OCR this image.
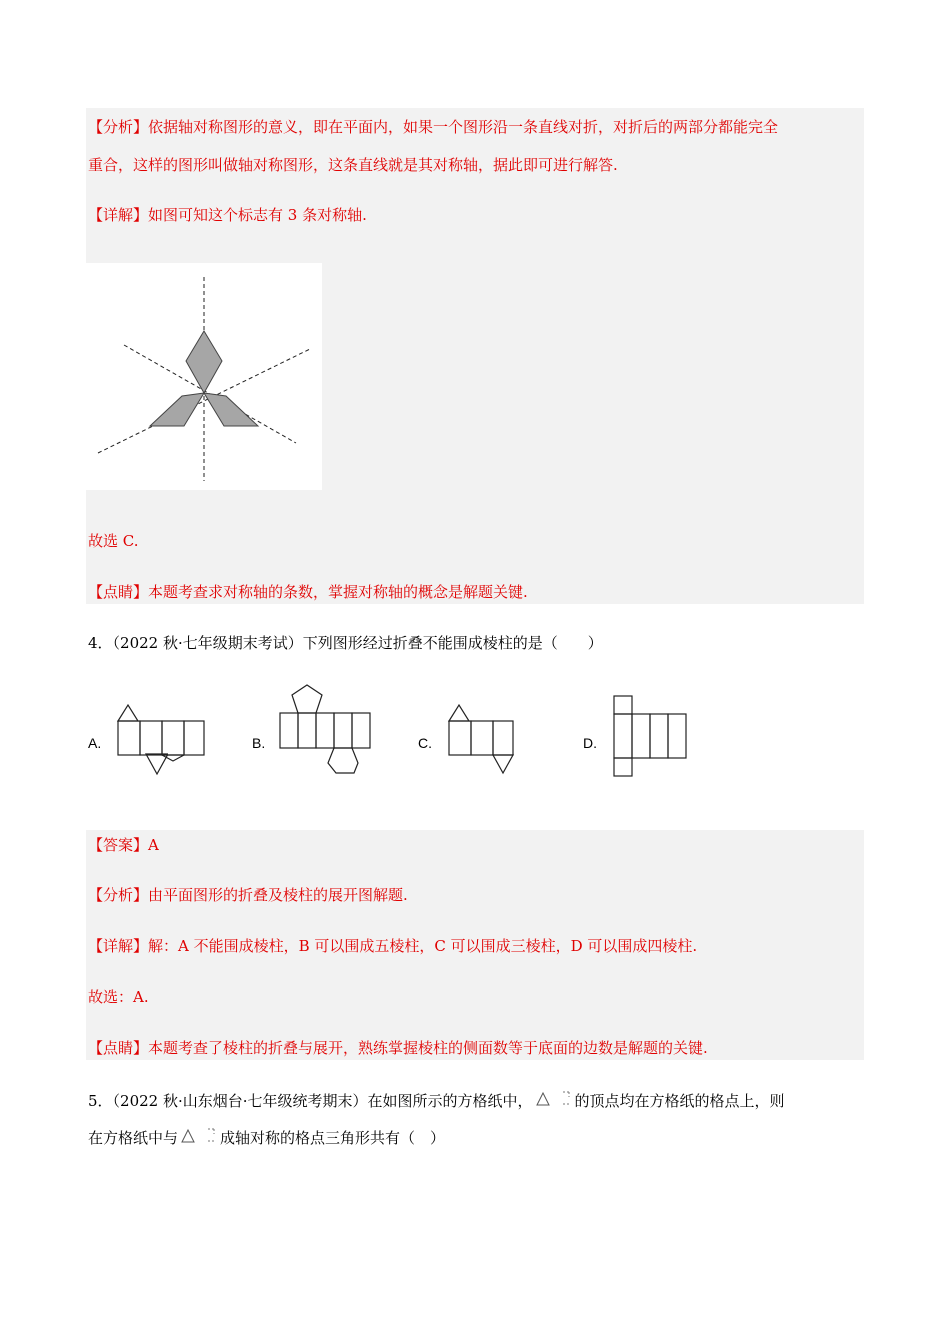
【分析】依据轴对称图形的意义，即在平面内，如果一个图形沿一条直线对折，对折后的两部分都能完全
重合，这样的图形叫做轴对称图形，这条直线就是其对称轴，据此即可进行解答.
【详解】如图可知这个标志有 3 条对称轴.
故选 C.
【点睛】本题考查求对称轴的条数，掌握对称轴的概念是解题关键.
4．（2022 秋·七年级期末考试）下列图形经过折叠不能围成棱柱的是（　　）
A.	B.	C.	D.
【答案】A
【分析】由平面图形的折叠及棱柱的展开图解题.
【详解】解：A 不能围成棱柱，B 可以围成五棱柱，C 可以围成三棱柱，D 可以围成四棱柱.
故选：A.
【点睛】本题考查了棱柱的折叠与展开，熟练掌握棱柱的侧面数等于底面的边数是解题的关键.
5．（2022 秋·山东烟台·七年级统考期末）在如图所示的方格纸中，	的顶点均在方格纸的格点上，则
在方格纸中与	成轴对称的格点三角形共有（　）
